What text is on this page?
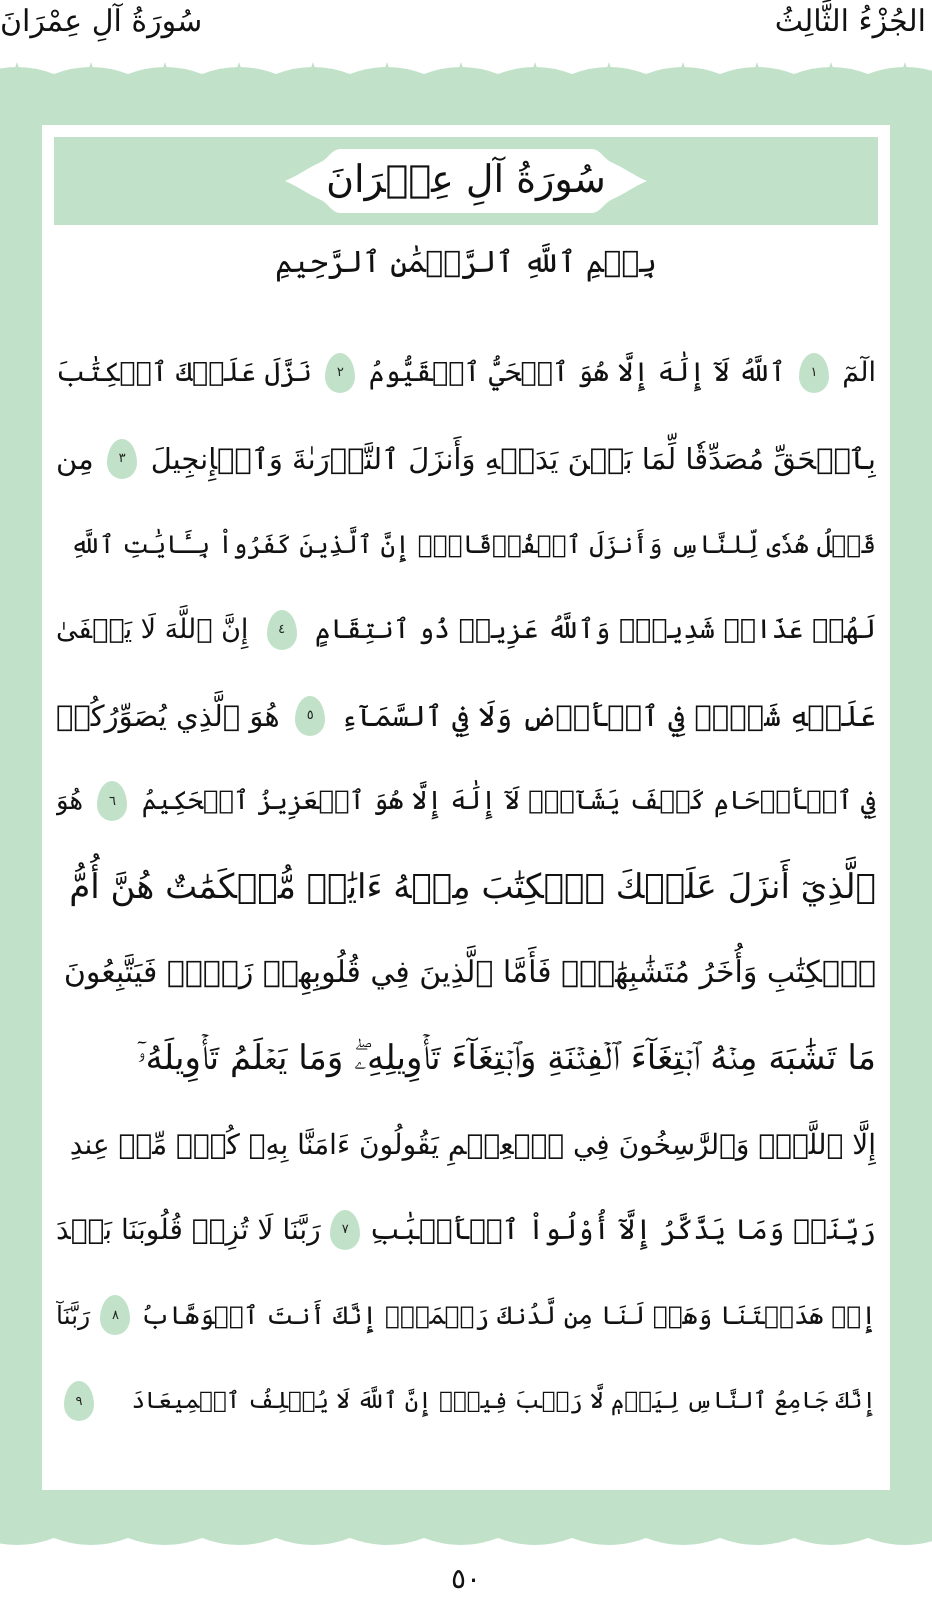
الجُزْءُ الثَّالِثُ
سُورَةُ آلِ عِمْرَانَ
سُورَةُ آلِ عِمۡرَانَ
بِسۡمِ ٱللَّهِ ٱلرَّحۡمَٰنِ ٱلرَّحِيمِ
الٓمٓ
١
ٱللَّهُ لَآ إِلَٰهَ إِلَّا هُوَ ٱلۡحَيُّ ٱلۡقَيُّومُ
٢
نَزَّلَ عَلَيۡكَ ٱلۡكِتَٰبَ
بِٱلۡحَقِّ مُصَدِّقٗا لِّمَا بَيۡنَ يَدَيۡهِ وَأَنزَلَ ٱلتَّوۡرَىٰةَ وَٱلۡإِنجِيلَ
٣
مِن
قَبۡلُ هُدٗى لِّلنَّاسِ وَأَنزَلَ ٱلۡفُرۡقَانَۗ إِنَّ ٱلَّذِينَ كَفَرُواْ بِـَٔايَٰتِ ٱللَّهِ
لَهُمۡ عَذَابٞ شَدِيدٞۗ وَٱللَّهُ عَزِيزٞ ذُو ٱنتِقَامٍ
٤
إِنَّ ٱللَّهَ لَا يَخۡفَىٰ
عَلَيۡهِ شَيۡءٞ فِي ٱلۡأَرۡضِ وَلَا فِي ٱلسَّمَآءِ
٥
هُوَ ٱلَّذِي يُصَوِّرُكُمۡ
فِي ٱلۡأَرۡحَامِ كَيۡفَ يَشَآءُۚ لَآ إِلَٰهَ إِلَّا هُوَ ٱلۡعَزِيزُ ٱلۡحَكِيمُ
٦
هُوَ
ٱلَّذِيٓ أَنزَلَ عَلَيۡكَ ٱلۡكِتَٰبَ مِنۡهُ ءَايَٰتٞ مُّحۡكَمَٰتٌ هُنَّ أُمُّ
ٱلۡكِتَٰبِ وَأُخَرُ مُتَشَٰبِهَٰتٞۖ فَأَمَّا ٱلَّذِينَ فِي قُلُوبِهِمۡ زَيۡغٞ فَيَتَّبِعُونَ
مَا تَشَٰبَهَ مِنۡهُ ٱبۡتِغَآءَ ٱلۡفِتۡنَةِ وَٱبۡتِغَآءَ تَأۡوِيلِهِۦۖ وَمَا يَعۡلَمُ تَأۡوِيلَهُۥٓ
إِلَّا ٱللَّهُۗ وَٱلرَّٰسِخُونَ فِي ٱلۡعِلۡمِ يَقُولُونَ ءَامَنَّا بِهِۦ كُلّٞ مِّنۡ عِندِ
رَبِّنَاۗ وَمَا يَذَّكَّرُ إِلَّآ أُوْلُواْ ٱلۡأَلۡبَٰبِ
٧
رَبَّنَا لَا تُزِغۡ قُلُوبَنَا بَعۡدَ
إِذۡ هَدَيۡتَنَا وَهَبۡ لَنَا مِن لَّدُنكَ رَحۡمَةًۚ إِنَّكَ أَنتَ ٱلۡوَهَّابُ
٨
رَبَّنَآ
إِنَّكَ جَامِعُ ٱلنَّاسِ لِيَوۡمٖ لَّا رَيۡبَ فِيهِۚ إِنَّ ٱللَّهَ لَا يُخۡلِفُ ٱلۡمِيعَادَ
٩
٥٠
